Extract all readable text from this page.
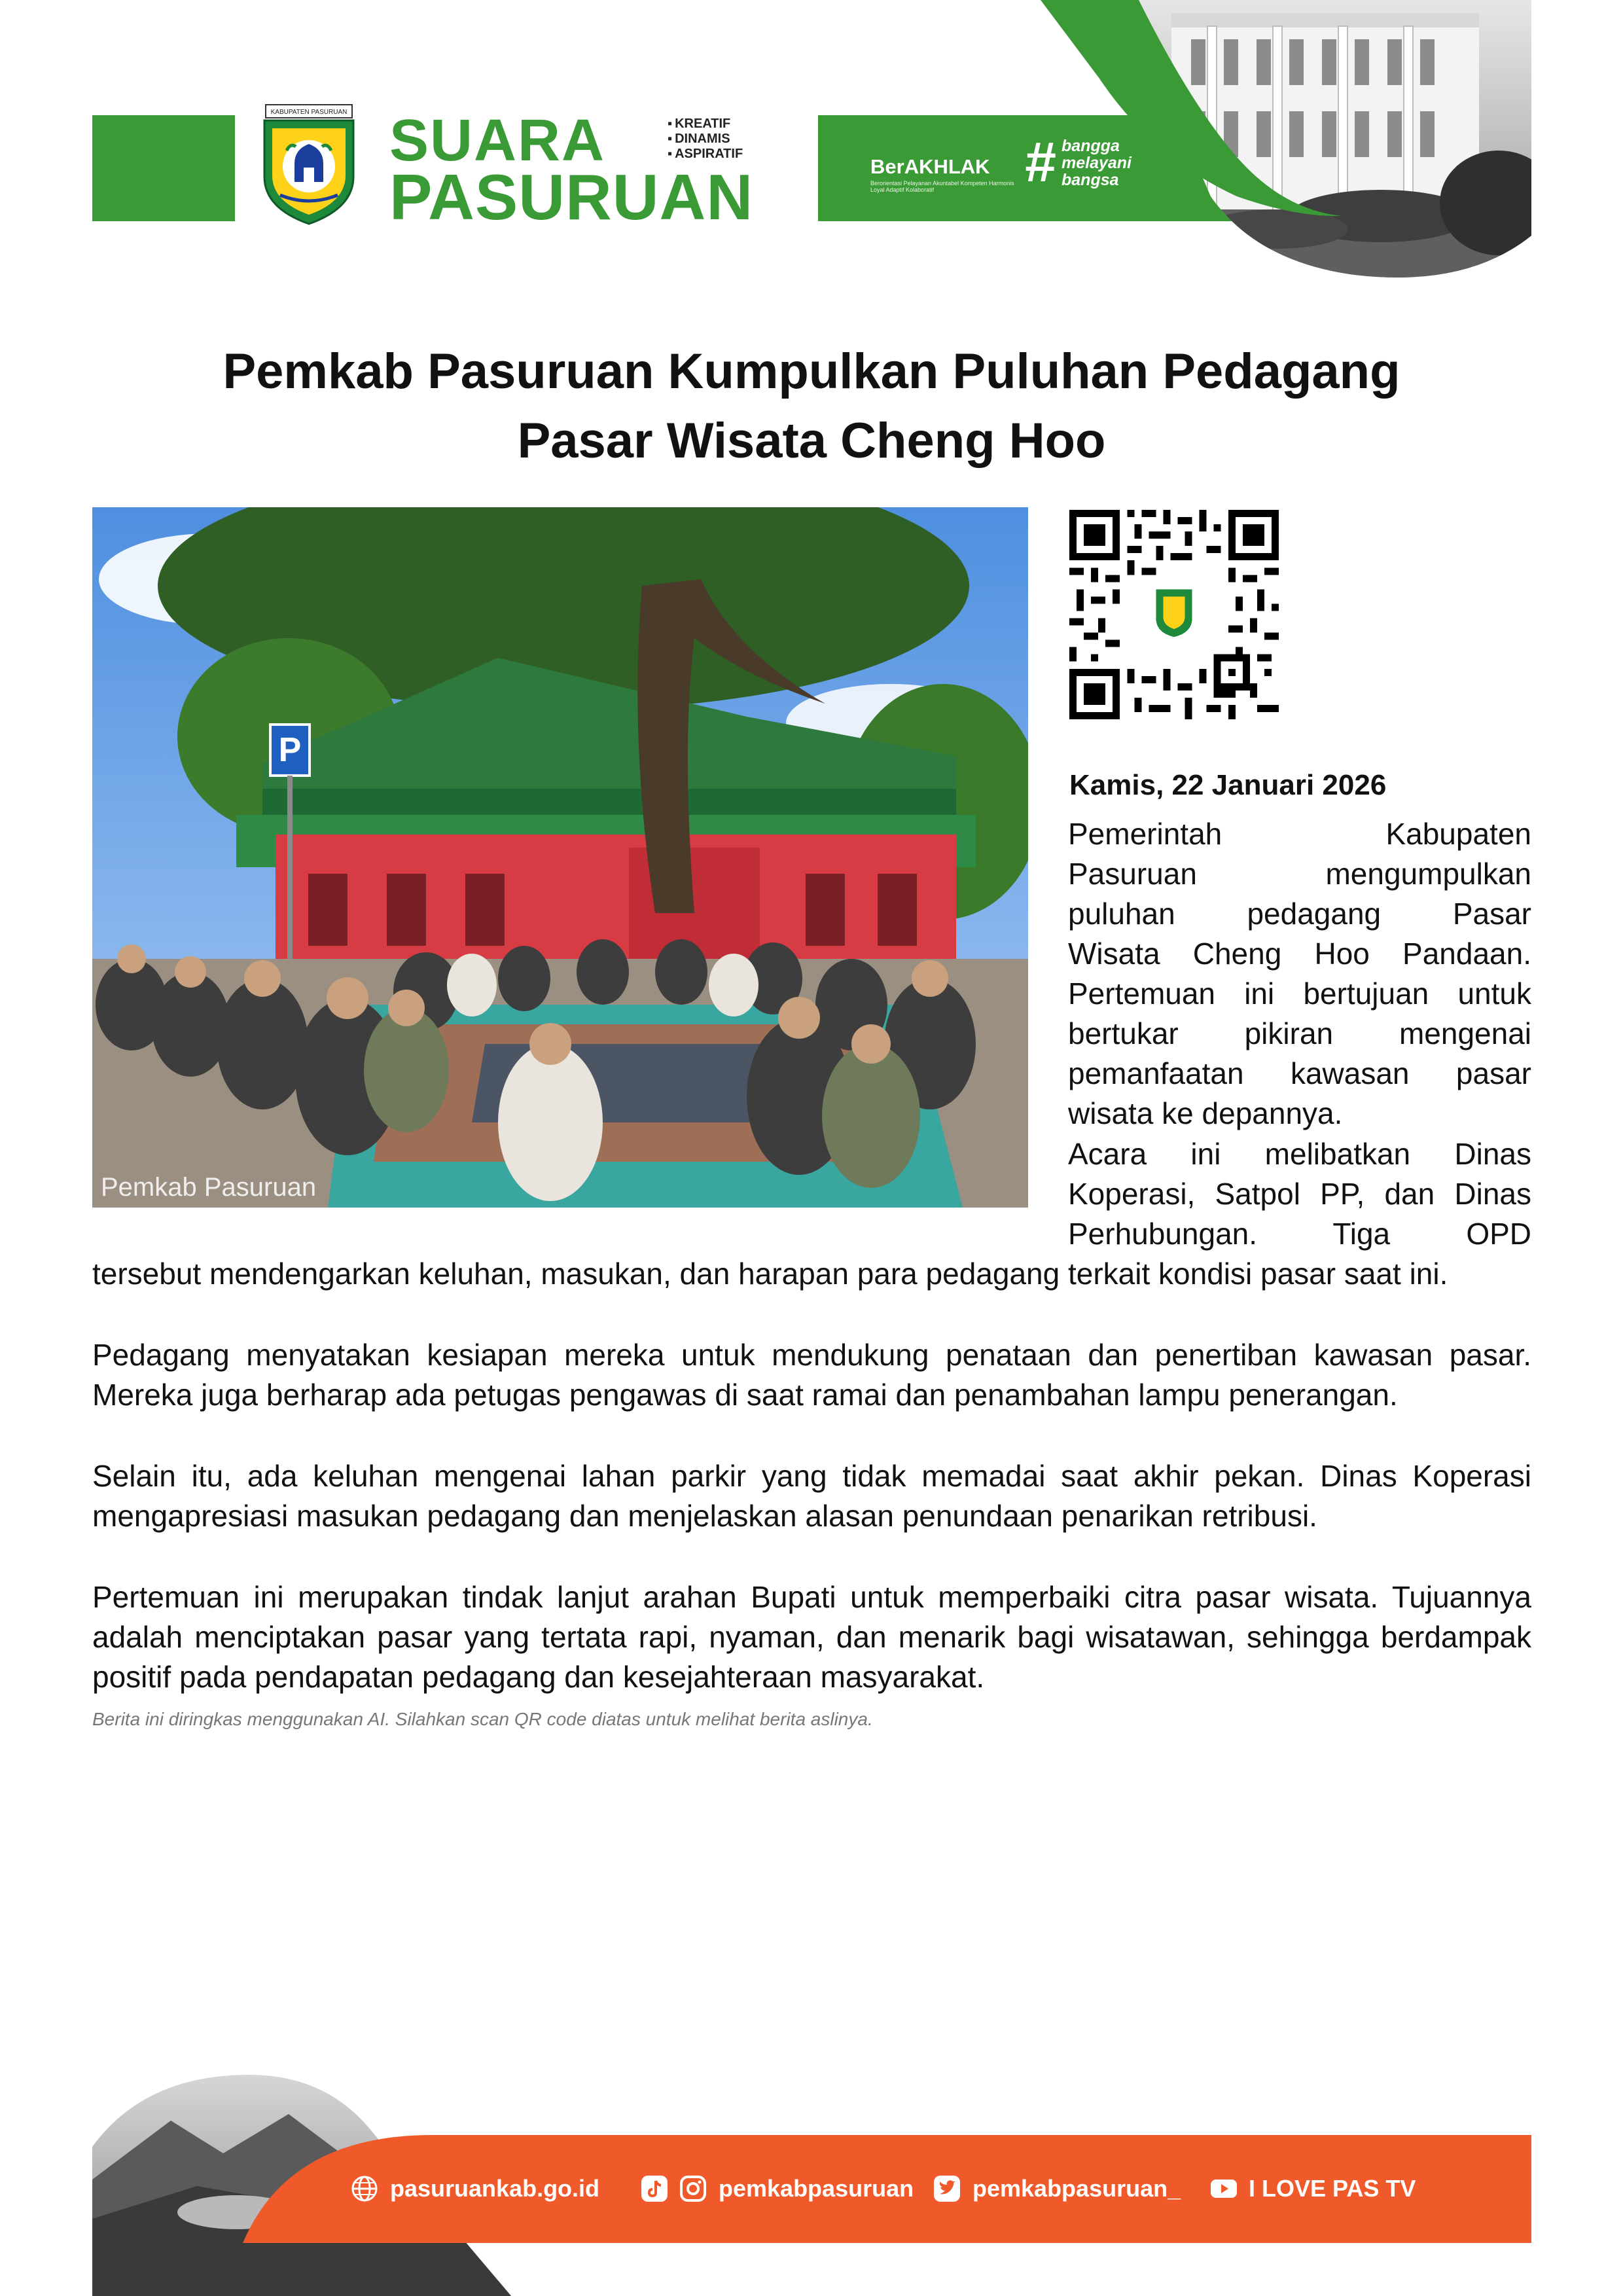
KABUPATEN PASURUAN SUARA
PASURUAN
▪ KREATIF
▪ DINAMIS
▪ ASPIRATIF
BerAKHLAK
Berorientasi Pelayanan Akuntabel Kompeten Harmonis Loyal Adaptif Kolaboratif	# bangga
melayani
bangsa
Pemkab Pasuruan Kumpulkan Puluhan Pedagang
Pasar Wisata Cheng Hoo
P
Pemkab Pasuruan
Kamis, 22 Januari 2026
Pemerintah Kabupaten
Pasuruan mengumpulkan
puluhan pedagang Pasar
Wisata Cheng Hoo Pandaan.
Pertemuan ini bertujuan untuk
bertukar pikiran mengenai
pemanfaatan kawasan pasar
wisata ke depannya.
Acara ini melibatkan Dinas
Koperasi, Satpol PP, dan Dinas
Perhubungan. Tiga OPD
tersebut mendengarkan keluhan, masukan, dan harapan para pedagang terkait kondisi pasar saat ini.
Pedagang menyatakan kesiapan mereka untuk mendukung penataan dan penertiban kawasan pasar. Mereka juga berharap ada petugas pengawas di saat ramai dan penambahan lampu penerangan.
Selain itu, ada keluhan mengenai lahan parkir yang tidak memadai saat akhir pekan. Dinas Koperasi mengapresiasi masukan pedagang dan menjelaskan alasan penundaan penarikan retribusi.
Pertemuan ini merupakan tindak lanjut arahan Bupati untuk memperbaiki citra pasar wisata. Tujuannya adalah menciptakan pasar yang tertata rapi, nyaman, dan menarik bagi wisatawan, sehingga berdampak positif pada pendapatan pedagang dan kesejahteraan masyarakat.
Berita ini diringkas menggunakan AI. Silahkan scan QR code diatas untuk melihat berita aslinya.
pasuruankab.go.id	pemkabpasuruan pemkabpasuruan_	I LOVE PAS TV
